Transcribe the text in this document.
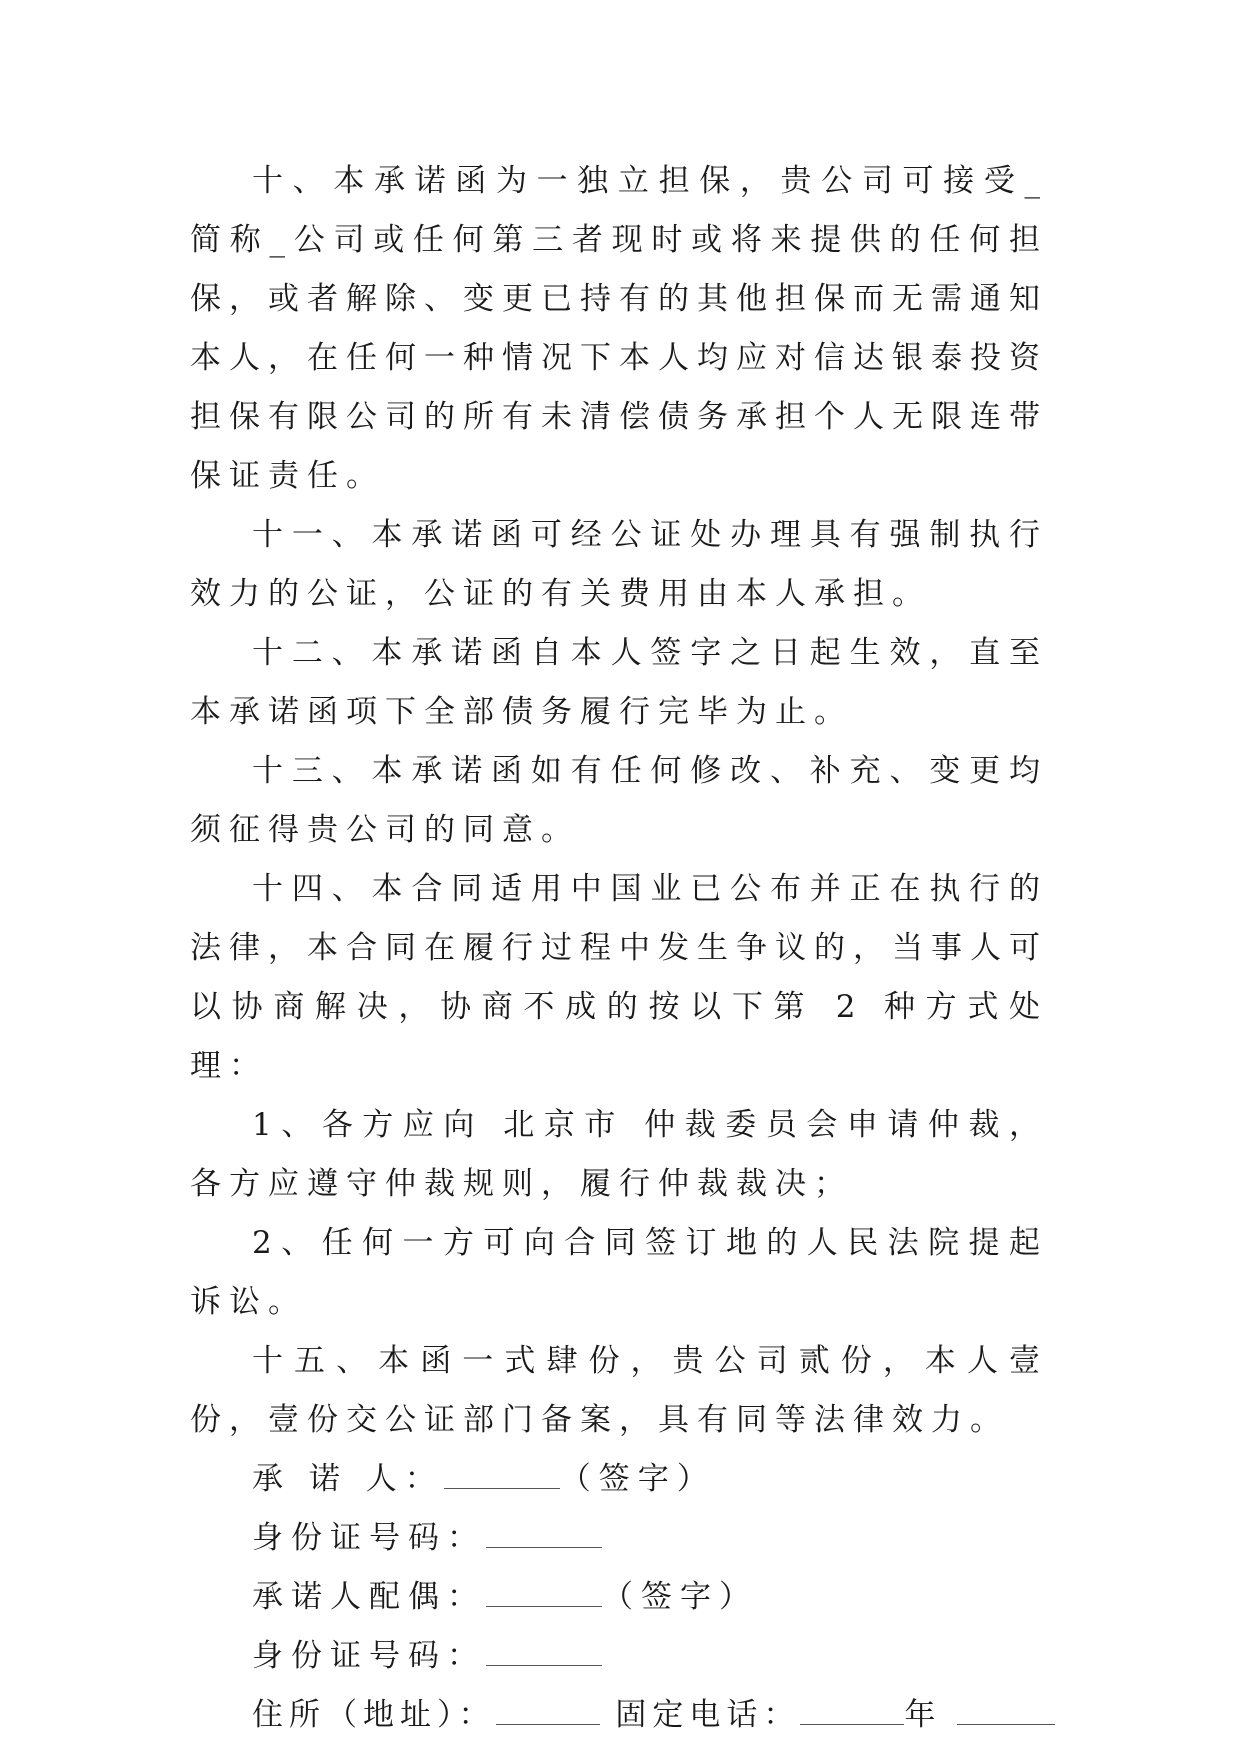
十、本承诺函为一独立担保，贵公司可接受_简称_公司或任何第三者现时或将来提供的任何担保，或者解除、变更已持有的其他担保而无需通知本人，在任何一种情况下本人均应对信达银泰投资担保有限公司的所有未清偿债务承担个人无限连带保证责任。

十一、本承诺函可经公证处办理具有强制执行效力的公证，公证的有关费用由本人承担。

十二、本承诺函自本人签字之日起生效，直至本承诺函项下全部债务履行完毕为止。

十三、本承诺函如有任何修改、补充、变更均须征得贵公司的同意。

十四、本合同适用中国业已公布并正在执行的法律，本合同在履行过程中发生争议的，当事人可以协商解决，协商不成的按以下第 2 种方式处理：

1、各方应向 北京市 仲裁委员会申请仲裁，各方应遵守仲裁规则，履行仲裁裁决；

2、任何一方可向合同签订地的人民法院提起诉讼。

十五、本函一式肆份，贵公司贰份，本人壹份，壹份交公证部门备案，具有同等法律效力。

承 诺 人：	（签字）

身份证号码：

承诺人配偶：	（签字）

身份证号码：

住所（地址）：	固定电话：	年
